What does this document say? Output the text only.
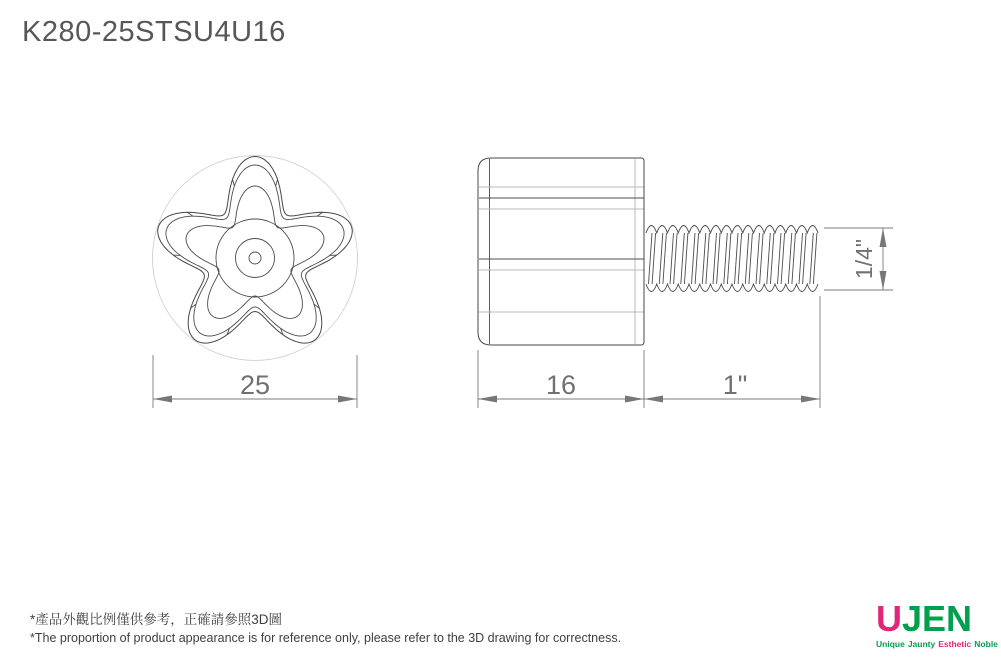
K280-25STSU4U16
25	16	1"
1/4"
*產品外觀比例僅供參考，正確請參照3D圖
*The proportion of product appearance is for reference only, please refer to the 3D drawing for correctness.	UJEN
Unique Jaunty Esthetic Noble
